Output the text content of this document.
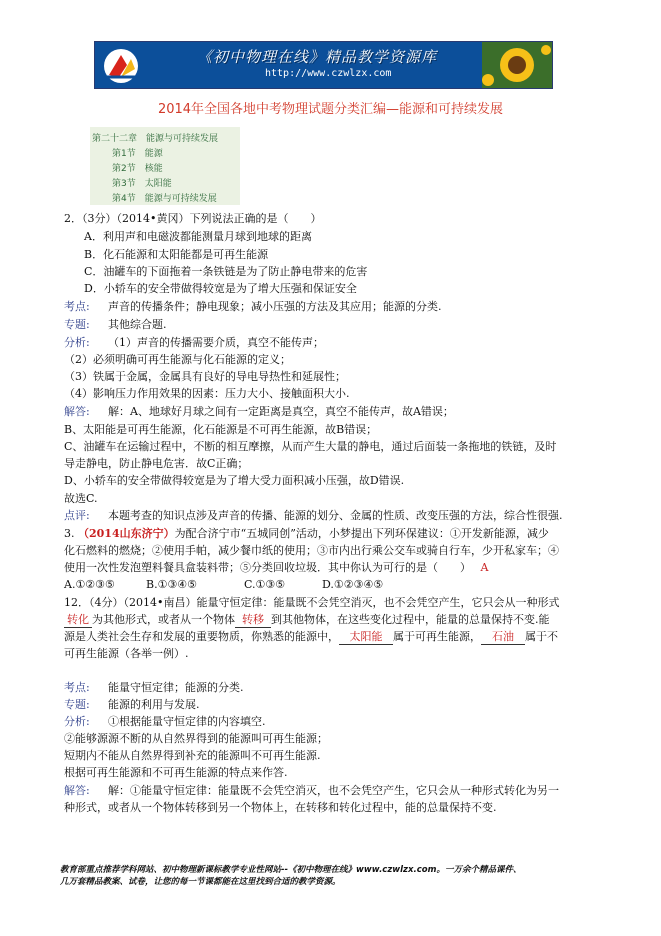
《初中物理在线》精品教学资源库
http://www.czwlzx.com
2014年全国各地中考物理试题分类汇编—能源和可持续发展
第二十二章　能源与可持续发展
第1节　能源
第2节　核能
第3节　太阳能
第4节　能源与可持续发展
2．（3分）（2014•黄冈）下列说法正确的是（　　）
A．利用声和电磁波都能测量月球到地球的距离
B．化石能源和太阳能都是可再生能源
C．油罐车的下面拖着一条铁链是为了防止静电带来的危害
D．小轿车的安全带做得较宽是为了增大压强和保证安全
考点: 声音的传播条件；静电现象；减小压强的方法及其应用；能源的分类.
专题: 其他综合题.
分析: （1）声音的传播需要介质，真空不能传声；
（2）必须明确可再生能源与化石能源的定义；
（3）铁属于金属，金属具有良好的导电导热性和延展性；
（4）影响压力作用效果的因素：压力大小、接触面积大小.
解答: 解：A、地球好月球之间有一定距离是真空，真空不能传声，故A错误；
B、太阳能是可再生能源，化石能源是不可再生能源，故B错误；
C、油罐车在运输过程中，不断的相互摩擦，从而产生大量的静电，通过后面装一条拖地的铁链，及时
导走静电，防止静电危害．故C正确；
D、小轿车的安全带做得较宽是为了增大受力面积减小压强，故D错误.
故选C.
点评: 本题考查的知识点涉及声音的传播、能源的划分、金属的性质、改变压强的方法，综合性很强.
3. （2014山东济宁）为配合济宁市“五城同创”活动，小梦提出下列环保建议：①开发新能源，减少
化石燃料的燃烧；②使用手帕，减少餐巾纸的使用；③市内出行乘公交车或骑自行车，少开私家车；④
使用一次性发泡塑料餐具盒装料带；⑤分类回收垃圾．其中你认为可行的是（　　） A
A.①②③⑤	B.①③④⑤	C.①③⑤	D.①②③④⑤
12．（4分）（2014•南昌）能量守恒定律：能量既不会凭空消灭，也不会凭空产生，它只会从一种形式
转化 为其他形式，或者从一个物体 转移 到其他物体，在这些变化过程中，能量的总量保持不变.能
源是人类社会生存和发展的重要物质，你熟悉的能源中， 太阳能 属于可再生能源， 石油 属于不
可再生能源（各举一例）.
考点: 能量守恒定律；能源的分类.
专题: 能源的利用与发展.
分析: ①根据能量守恒定律的内容填空.
②能够源源不断的从自然界得到的能源叫可再生能源；
短期内不能从自然界得到补充的能源叫不可再生能源.
根据可再生能源和不可再生能源的特点来作答.
解答: 解：①能量守恒定律：能量既不会凭空消灭，也不会凭空产生，它只会从一种形式转化为另一
种形式，或者从一个物体转移到另一个物体上，在转移和转化过程中，能的总量保持不变.
教育部重点推荐学科网站、初中物理新课标教学专业性网站--《初中物理在线》www.czwlzx.com。一万余个精品课件、
几万套精品教案、试卷，让您的每一节课都能在这里找到合适的教学资源。
